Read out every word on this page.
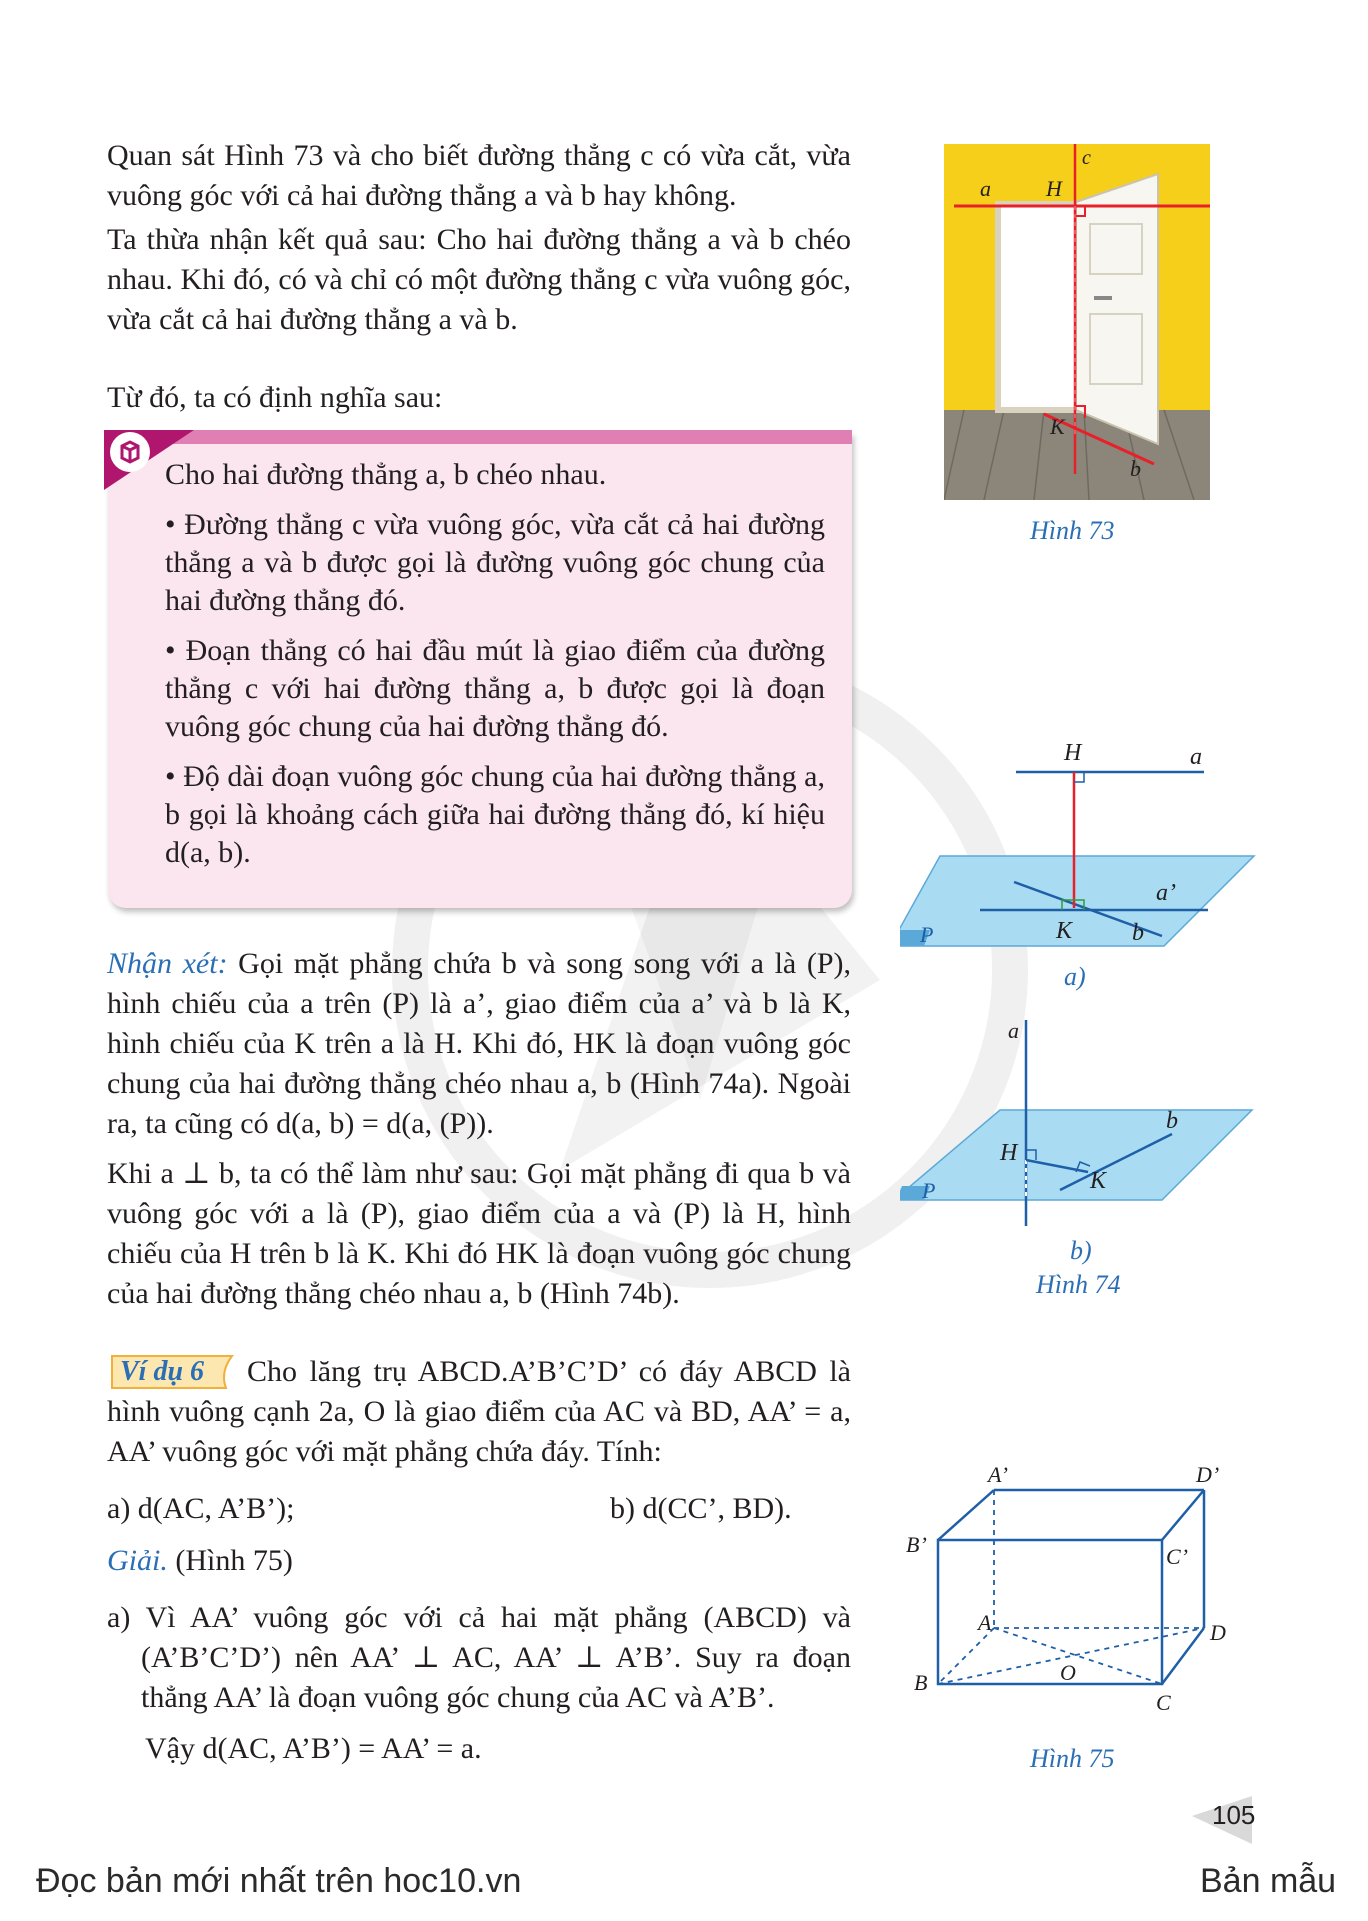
Quan sát Hình 73 và cho biết đường thẳng c có vừa cắt, vừa vuông góc với cả hai đường thẳng a và b hay không.

Ta thừa nhận kết quả sau: Cho hai đường thẳng a và b chéo nhau. Khi đó, có và chỉ có một đường thẳng c vừa vuông góc, vừa cắt cả hai đường thẳng a và b.

Từ đó, ta có định nghĩa sau:

Cho hai đường thẳng a, b chéo nhau.

• Đường thẳng c vừa vuông góc, vừa cắt cả hai đường thẳng a và b được gọi là đường vuông góc chung của hai đường thẳng đó.

• Đoạn thẳng có hai đầu mút là giao điểm của đường thẳng c với hai đường thẳng a, b được gọi là đoạn vuông góc chung của hai đường thẳng đó.

• Độ dài đoạn vuông góc chung của hai đường thẳng a, b gọi là khoảng cách giữa hai đường thẳng đó, kí hiệu d(a, b).

Nhận xét: Gọi mặt phẳng chứa b và song song với a là (P), hình chiếu của a trên (P) là a’, giao điểm của a’ và b là K, hình chiếu của K trên a là H. Khi đó, HK là đoạn vuông góc chung của hai đường thẳng chéo nhau a, b (Hình 74a). Ngoài ra, ta cũng có d(a, b) = d(a, (P)).

Khi a ⊥ b, ta có thể làm như sau: Gọi mặt phẳng đi qua b và vuông góc với a là (P), giao điểm của a và (P) là H, hình chiếu của H trên b là K. Khi đó HK là đoạn vuông góc chung của hai đường thẳng chéo nhau a, b (Hình 74b).

Ví dụ 6	Cho lăng trụ ABCD.A’B’C’D’ có đáy ABCD là hình vuông cạnh 2a, O là giao điểm của AC và BD, AA’ = a, AA’ vuông góc với mặt phẳng chứa đáy. Tính:
a) d(AC, A’B’);	b) d(CC’, BD).
Giải. (Hình 75)
a) Vì AA’ vuông góc với cả hai mặt phẳng (ABCD) và (A’B’C’D’) nên AA’ ⊥ AC, AA’ ⊥ A’B’. Suy ra đoạn thẳng AA’ là đoạn vuông góc chung của AC và A’B’.
Vậy d(AC, A’B’) = AA’ = a.
a	H
c
K
b
Hình 73
H	a
a’
K b
P
a)
a
H
K
b
P
b)
Hình 74
A’	D’
B’	C’
A	D
B	O
C
Hình 75
105
Đọc bản mới nhất trên hoc10.vn	Bản mẫu
